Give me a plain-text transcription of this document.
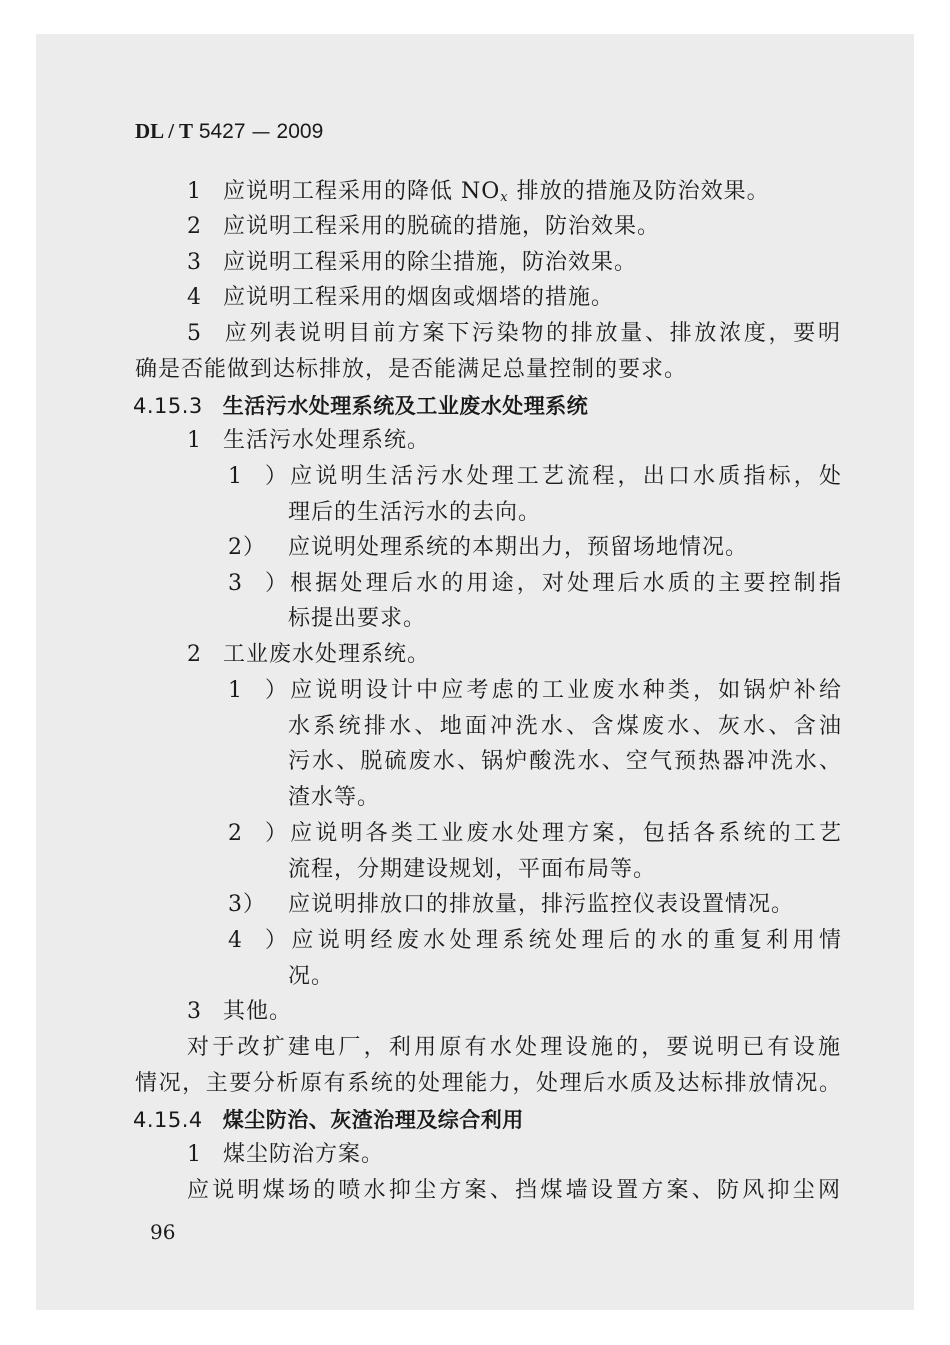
DL / T 5427 — 2009
1 应说明工程采用的降低 NOx 排放的措施及防治效果。
2 应说明工程采用的脱硫的措施，防治效果。
3 应说明工程采用的除尘措施，防治效果。
4 应说明工程采用的烟囱或烟塔的措施。
5 应列表说明目前方案下污染物的排放量、排放浓度，要明
确是否能做到达标排放，是否能满足总量控制的要求。
4.15.3 生活污水处理系统及工业废水处理系统
1 生活污水处理系统。
1）应说明生活污水处理工艺流程，出口水质指标，处
理后的生活污水的去向。
2） 应说明处理系统的本期出力，预留场地情况。
3）根据处理后水的用途，对处理后水质的主要控制指
标提出要求。
2 工业废水处理系统。
1）应说明设计中应考虑的工业废水种类，如锅炉补给
水系统排水、地面冲洗水、含煤废水、灰水、含油
污水、脱硫废水、锅炉酸洗水、空气预热器冲洗水、
渣水等。
2）应说明各类工业废水处理方案，包括各系统的工艺
流程，分期建设规划，平面布局等。
3） 应说明排放口的排放量，排污监控仪表设置情况。
4）应说明经废水处理系统处理后的水的重复利用情
况。
3 其他。
对于改扩建电厂，利用原有水处理设施的，要说明已有设施
情况，主要分析原有系统的处理能力，处理后水质及达标排放情况。
4.15.4 煤尘防治、灰渣治理及综合利用
1 煤尘防治方案。
应说明煤场的喷水抑尘方案、挡煤墙设置方案、防风抑尘网
96
